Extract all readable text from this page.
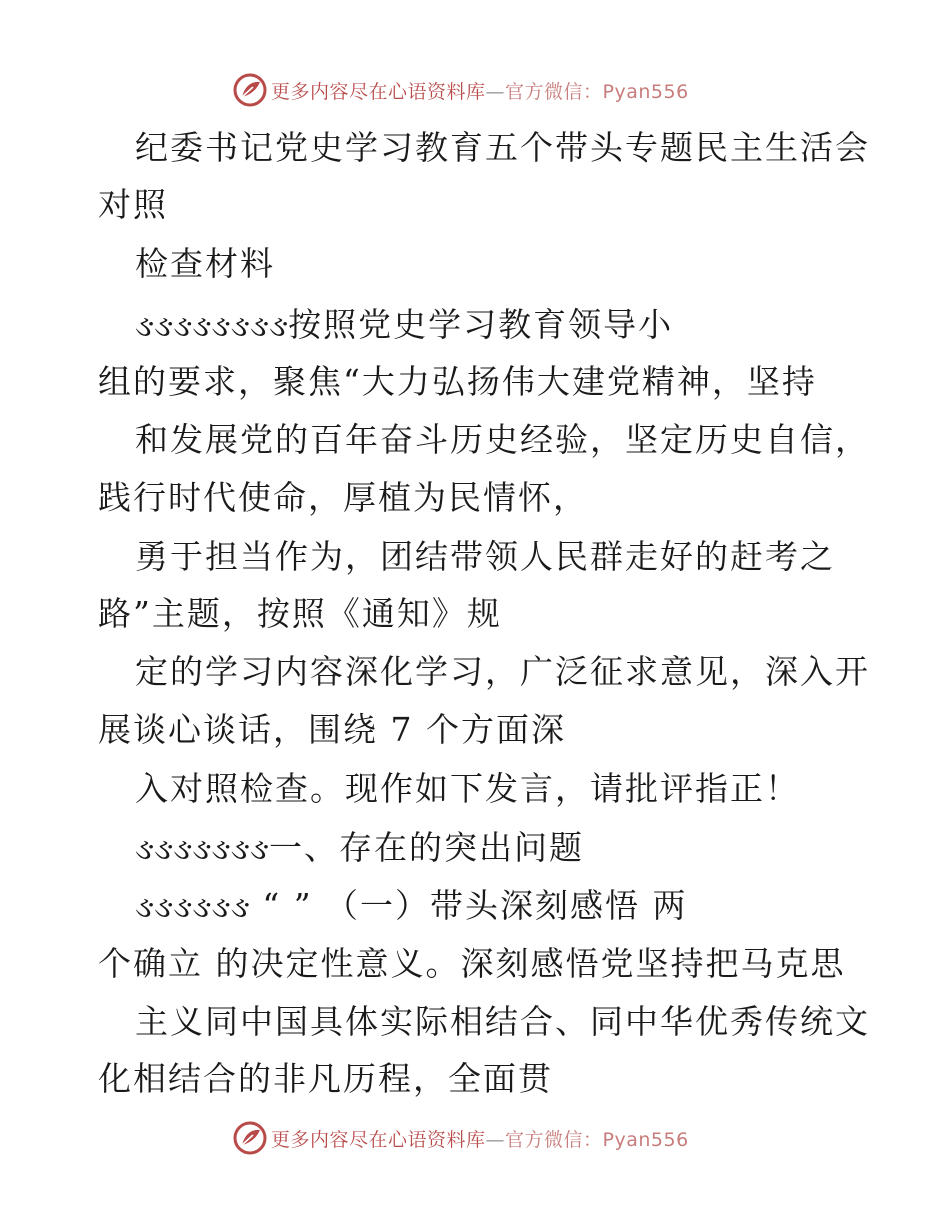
更多内容尽在心语资料库—官方微信：Pyan556
纪委书记党史学习教育五个带头专题民主生活会
对照
检查材料
ઙઙઙઙઙઙઙઙ按照党史学习教育领导小
组的要求，聚焦“大力弘扬伟大建党精神，坚持
和发展党的百年奋斗历史经验，坚定历史自信，
践行时代使命，厚植为民情怀，
勇于担当作为，团结带领人民群走好的赶考之
路”主题，按照《通知》规
定的学习内容深化学习，广泛征求意见，深入开
展谈心谈话，围绕 7 个方面深
入对照检查。现作如下发言，请批评指正！
ઙઙઙઙઙઙઙ一、存在的突出问题
ઙઙઙઙઙઙ “ ” （一）带头深刻感悟 两
个确立 的决定性意义。深刻感悟党坚持把马克思
主义同中国具体实际相结合、同中华优秀传统文
化相结合的非凡历程，全面贯
更多内容尽在心语资料库—官方微信：Pyan556
